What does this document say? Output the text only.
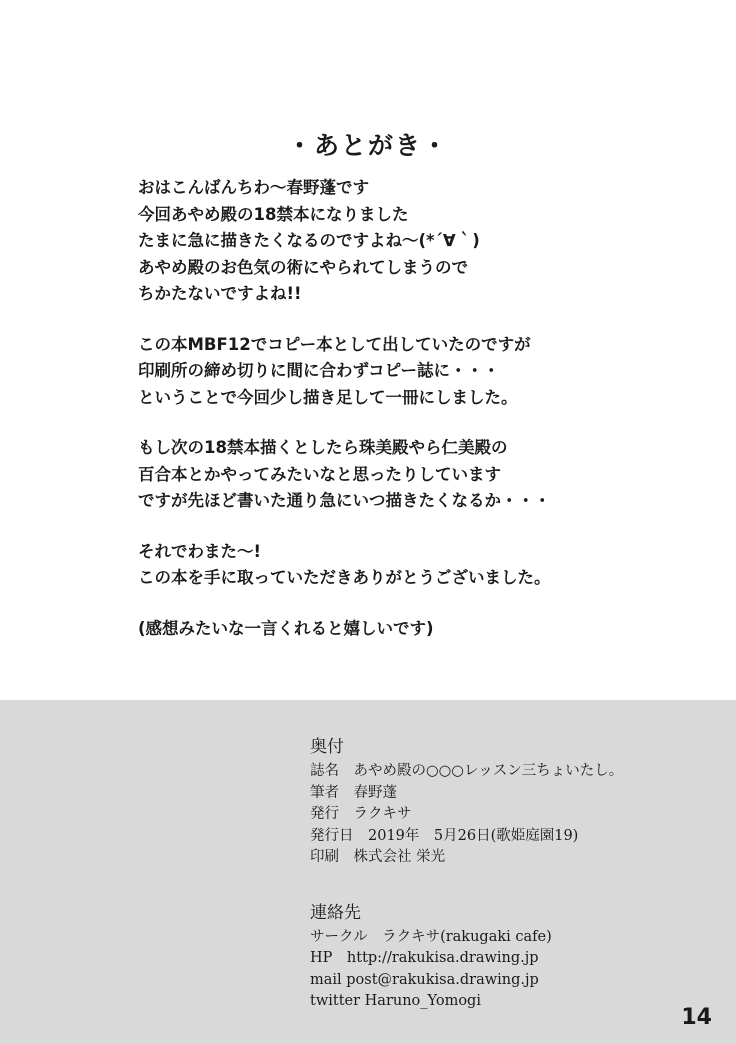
・あとがき・
おはこんばんちわ〜春野蓬です
今回あやめ殿の18禁本になりました
たまに急に描きたくなるのですよね〜(*´∀｀)
あやめ殿のお色気の術にやられてしまうので
ちかたないですよね!!
この本MBF12でコピー本として出していたのですが
印刷所の締め切りに間に合わずコピー誌に・・・
ということで今回少し描き足して一冊にしました。
もし次の18禁本描くとしたら珠美殿やら仁美殿の
百合本とかやってみたいなと思ったりしています
ですが先ほど書いた通り急にいつ描きたくなるか・・・
それでわまた〜!
この本を手に取っていただきありがとうございました。
(感想みたいな一言くれると嬉しいです)
奥付
誌名　あやめ殿の○○○レッスン三ちょいたし。
筆者　春野蓬
発行　ラクキサ
発行日　2019年　5月26日(歌姫庭園19)
印刷　株式会社 栄光
連絡先
サークル　ラクキサ(rakugaki cafe)
HP　http://rakukisa.drawing.jp
mail post@rakukisa.drawing.jp
twitter Haruno_Yomogi
14
